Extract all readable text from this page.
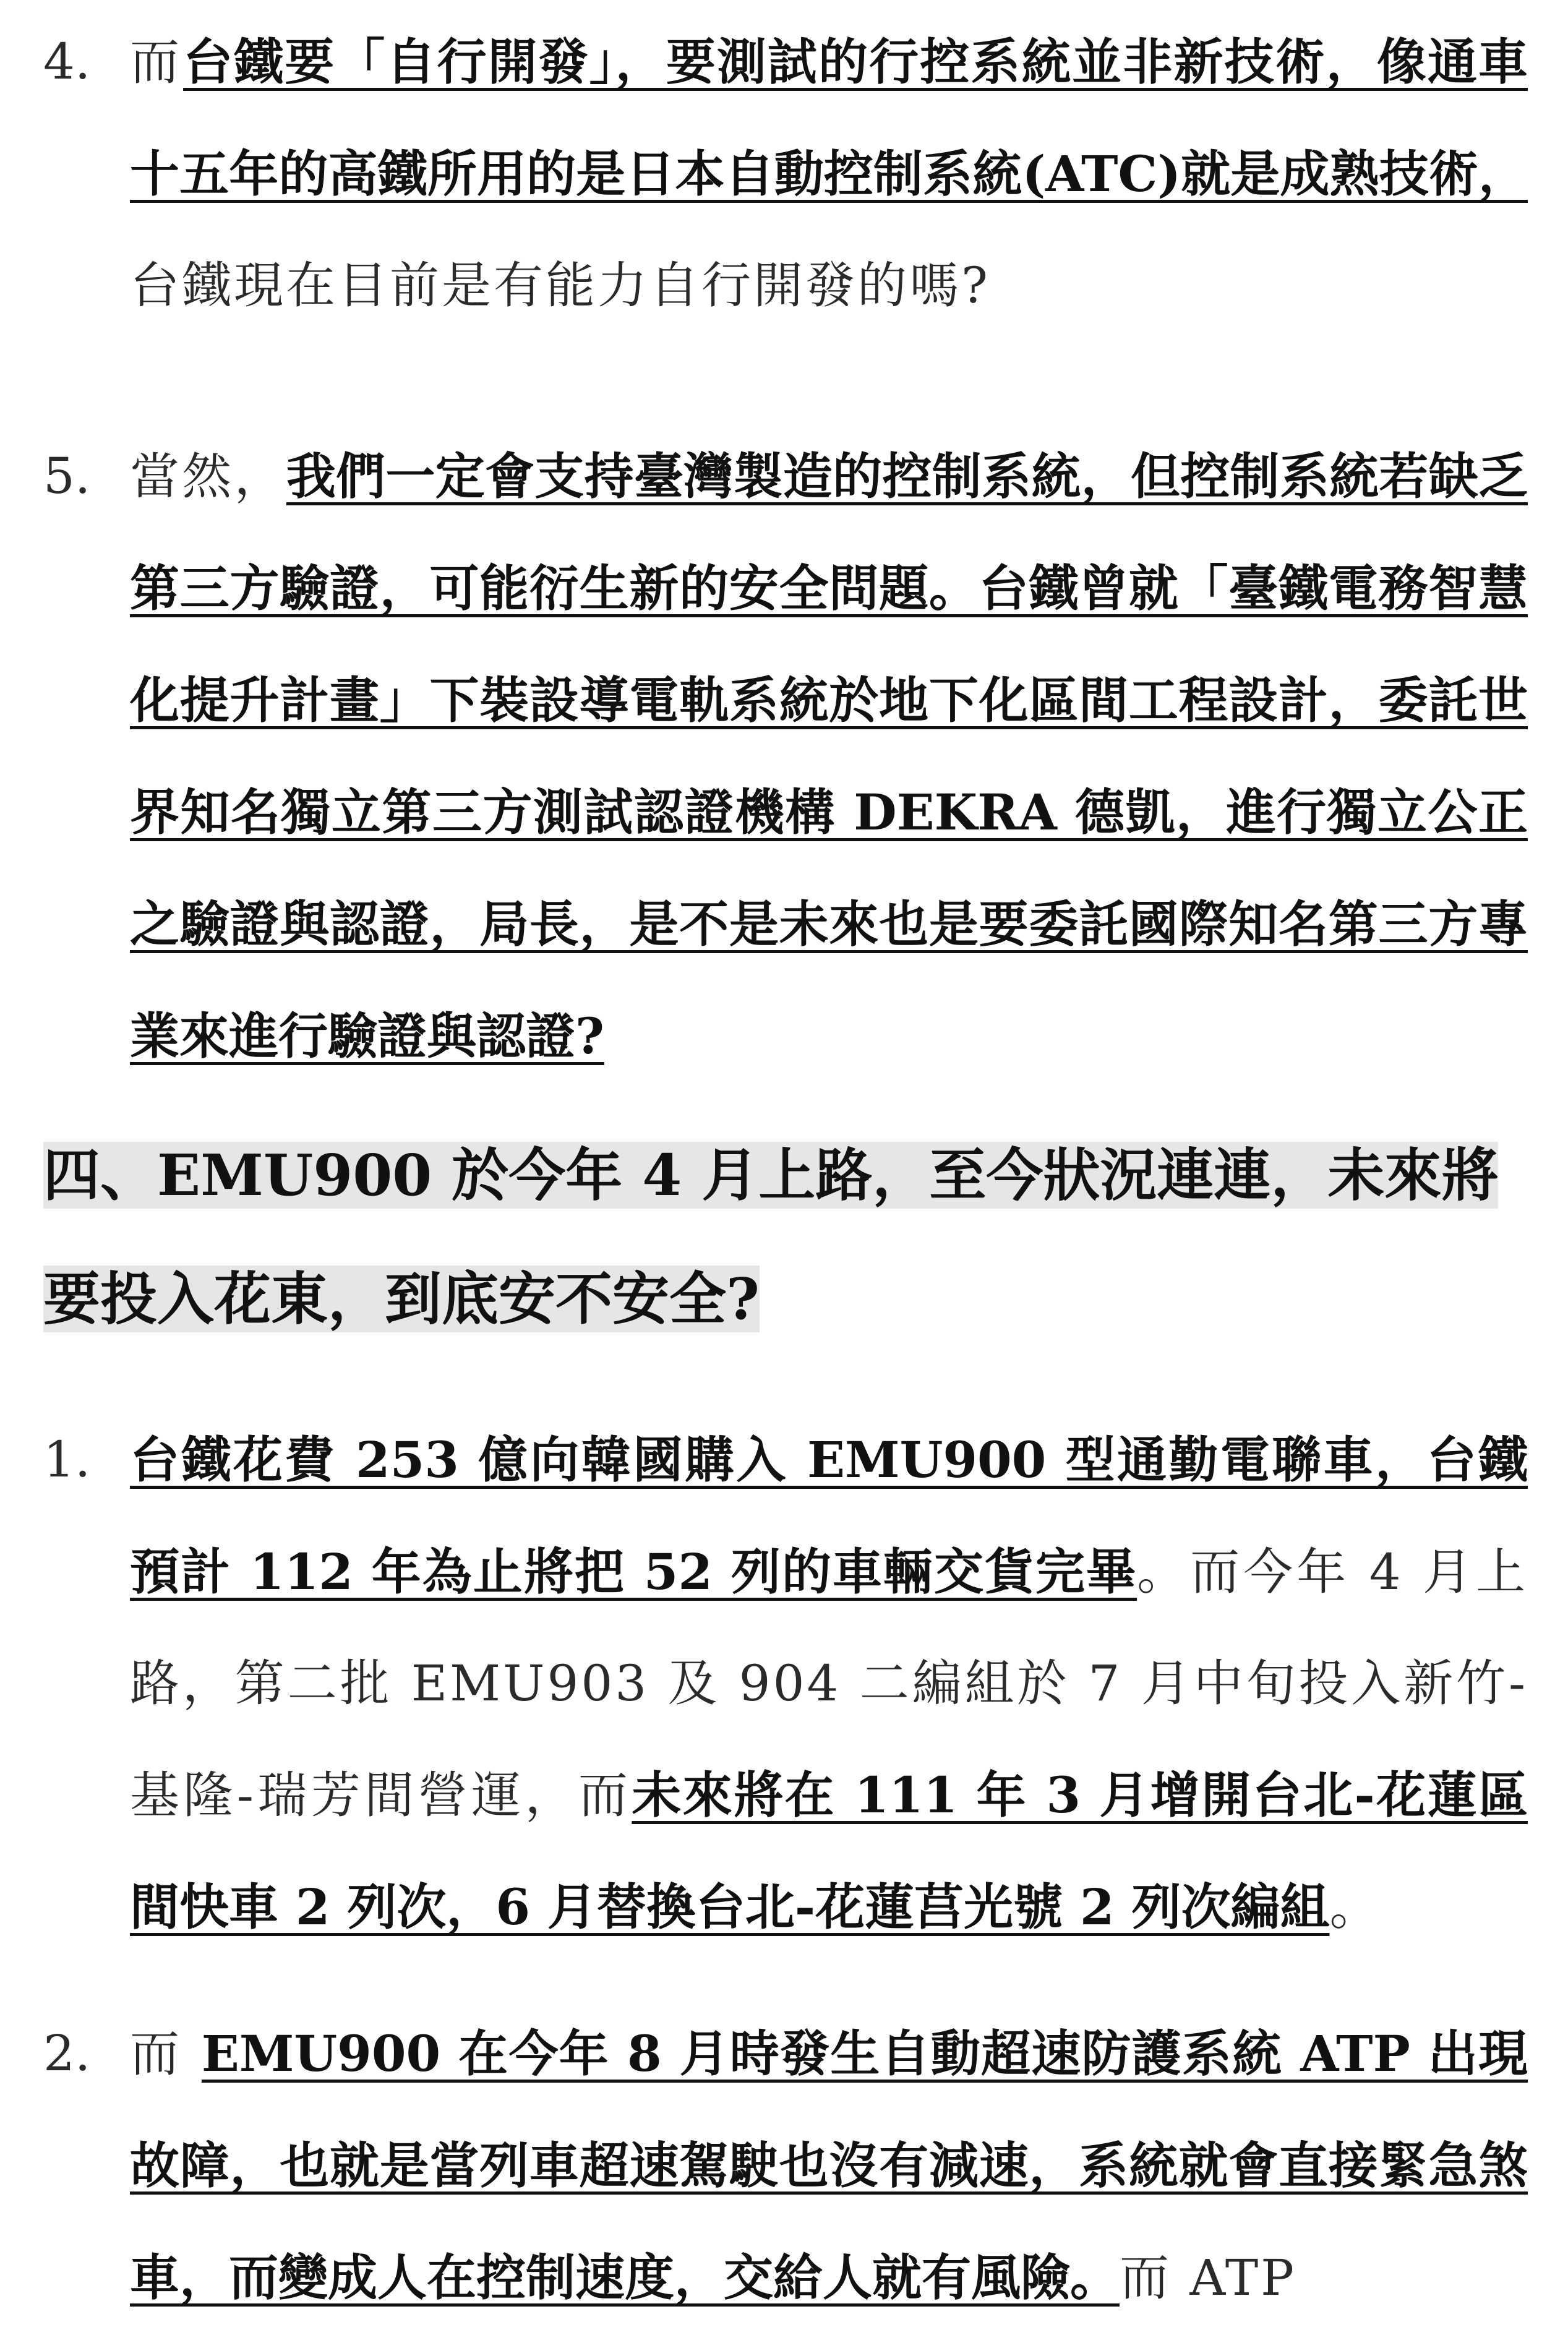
4. 而台鐵要「自行開發」，要測試的行控系統並非新技術，像通車十五年的高鐵所用的是日本自動控制系統(ATC)就是成熟技術，台鐵現在目前是有能力自行開發的嗎?
5. 當然，我們一定會支持臺灣製造的控制系統，但控制系統若缺乏第三方驗證，可能衍生新的安全問題。台鐵曾就「臺鐵電務智慧化提升計畫」下裝設導電軌系統於地下化區間工程設計，委託世界知名獨立第三方測試認證機構 DEKRA 德凱，進行獨立公正之驗證與認證，局長，是不是未來也是要委託國際知名第三方專業來進行驗證與認證?
四、EMU900 於今年 4 月上路，至今狀況連連，未來將要投入花東，到底安不安全?
1. 台鐵花費 253 億向韓國購入 EMU900 型通勤電聯車，台鐵預計 112 年為止將把 52 列的車輛交貨完畢。而今年 4 月上路，第二批 EMU903 及 904 二編組於 7 月中旬投入新竹-基隆-瑞芳間營運，而未來將在 111 年 3 月增開台北-花蓮區間快車 2 列次，6 月替換台北-花蓮莒光號 2 列次編組。
2. 而 EMU900 在今年 8 月時發生自動超速防護系統 ATP 出現故障，也就是當列車超速駕駛也沒有減速，系統就會直接緊急煞車，而變成人在控制速度，交給人就有風險。而 ATP
